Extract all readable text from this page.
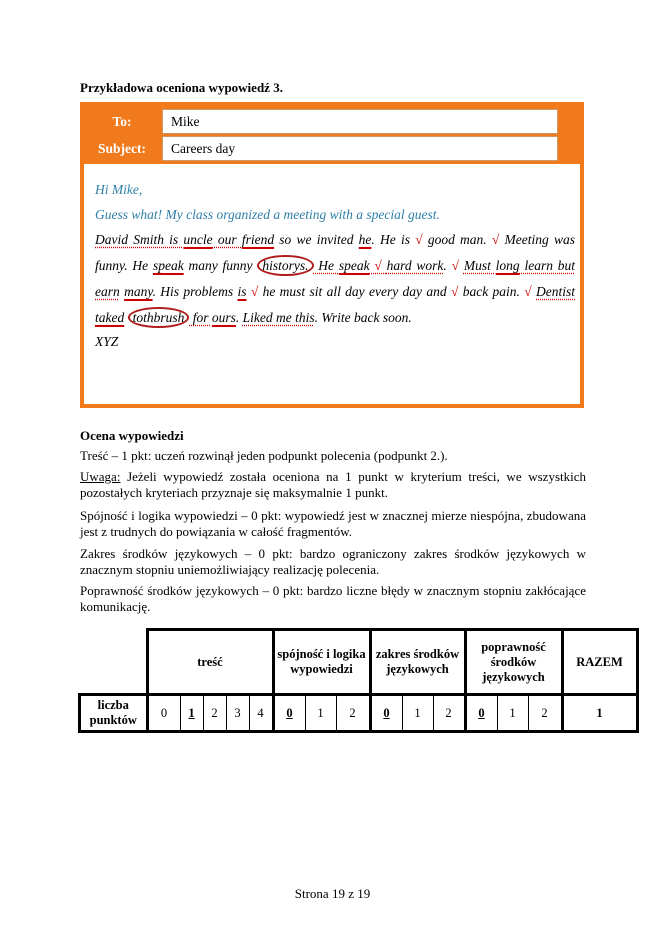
Przykładowa oceniona wypowiedź 3.
To:	Mike
Subject:	Careers day
Hi Mike,
Guess what! My class organized a meeting with a special guest.
David Smith is uncle our friend so we invited he. He is √ good man. √ Meeting was
funny. He speak many funny historys. He speak √ hard work. √ Must long learn but
earn many. His problems is √ he must sit all day every day and √ back pain. √ Dentist
taked tothbrush for ours. Liked me this. Write back soon.
XYZ
Ocena wypowiedzi
Treść – 1 pkt: uczeń rozwinął jeden podpunkt polecenia (podpunkt 2.).
Uwaga: Jeżeli wypowiedź została oceniona na 1 punkt w kryterium treści, we wszystkich pozostałych kryteriach przyznaje się maksymalnie 1 punkt.
Spójność i logika wypowiedzi – 0 pkt: wypowiedź jest w znacznej mierze niespójna, zbudowana jest z trudnych do powiązania w całość fragmentów.
Zakres środków językowych – 0 pkt: bardzo ograniczony zakres środków językowych w znacznym stopniu uniemożliwiający realizację polecenia.
Poprawność środków językowych – 0 pkt: bardzo liczne błędy w znacznym stopniu zakłócające komunikację.
	treść					spójność i logika wypowiedzi			zakres środków językowych			poprawność środków językowych			RAZEM
liczba punktów	0	1	2	3	4	0	1	2	0	1	2	0	1	2	1
Strona 19 z 19
